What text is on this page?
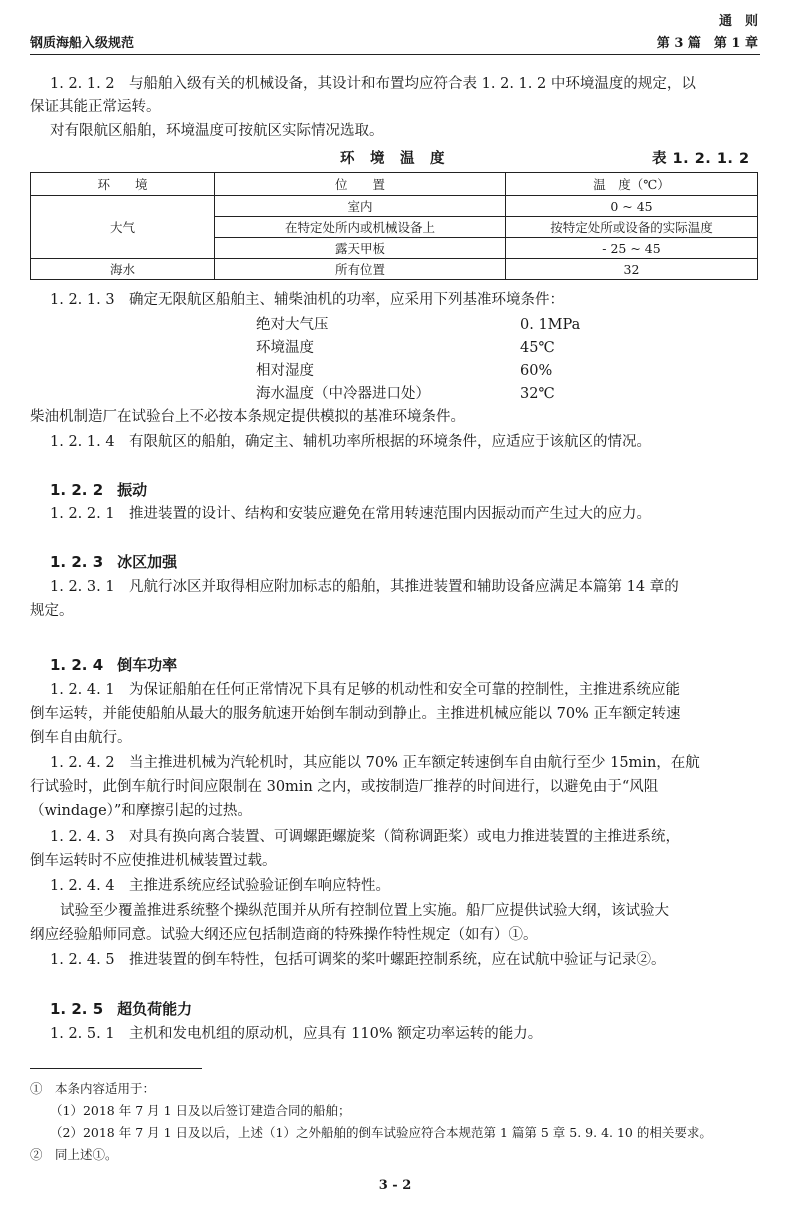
通　则
钢质海船入级规范	第 3 篇　第 1 章
1. 2. 1. 2　与船舶入级有关的机械设备，其设计和布置均应符合表 1. 2. 1. 2 中环境温度的规定，以
保证其能正常运转。
对有限航区船舶，环境温度可按航区实际情况选取。
环　境　温　度	表 1. 2. 1. 2
环　　境	位　　置	温　度（℃）
大气	室内	0 ~ 45
	在特定处所内或机械设备上	按特定处所或设备的实际温度
	露天甲板	- 25 ~ 45
海水	所有位置	32
1. 2. 1. 3　确定无限航区船舶主、辅柴油机的功率，应采用下列基准环境条件：
绝对大气压	0. 1MPa
环境温度	45℃
相对湿度	60%
海水温度（中冷器进口处）	32℃
柴油机制造厂在试验台上不必按本条规定提供模拟的基准环境条件。
1. 2. 1. 4　有限航区的船舶，确定主、辅机功率所根据的环境条件，应适应于该航区的情况。
1. 2. 2 振动
1. 2. 2. 1　推进装置的设计、结构和安装应避免在常用转速范围内因振动而产生过大的应力。
1. 2. 3 冰区加强
1. 2. 3. 1　凡航行冰区并取得相应附加标志的船舶，其推进装置和辅助设备应满足本篇第 14 章的
规定。
1. 2. 4 倒车功率
1. 2. 4. 1　为保证船舶在任何正常情况下具有足够的机动性和安全可靠的控制性，主推进系统应能
倒车运转，并能使船舶从最大的服务航速开始倒车制动到静止。主推进机械应能以 70% 正车额定转速
倒车自由航行。
1. 2. 4. 2　当主推进机械为汽轮机时，其应能以 70% 正车额定转速倒车自由航行至少 15min，在航
行试验时，此倒车航行时间应限制在 30min 之内，或按制造厂推荐的时间进行，以避免由于“风阻
（windage）”和摩擦引起的过热。
1. 2. 4. 3　对具有换向离合装置、可调螺距螺旋桨（简称调距桨）或电力推进装置的主推进系统，
倒车运转时不应使推进机械装置过载。
1. 2. 4. 4　主推进系统应经试验验证倒车响应特性。
试验至少覆盖推进系统整个操纵范围并从所有控制位置上实施。船厂应提供试验大纲，该试验大
纲应经验船师同意。试验大纲还应包括制造商的特殊操作特性规定（如有）①。
1. 2. 4. 5　推进装置的倒车特性，包括可调桨的桨叶螺距控制系统，应在试航中验证与记录②。
1. 2. 5 超负荷能力
1. 2. 5. 1　主机和发电机组的原动机，应具有 110% 额定功率运转的能力。
①　本条内容适用于：
（1）2018 年 7 月 1 日及以后签订建造合同的船舶；
（2）2018 年 7 月 1 日及以后，上述（1）之外船舶的倒车试验应符合本规范第 1 篇第 5 章 5. 9. 4. 10 的相关要求。
②　同上述①。
3 - 2
